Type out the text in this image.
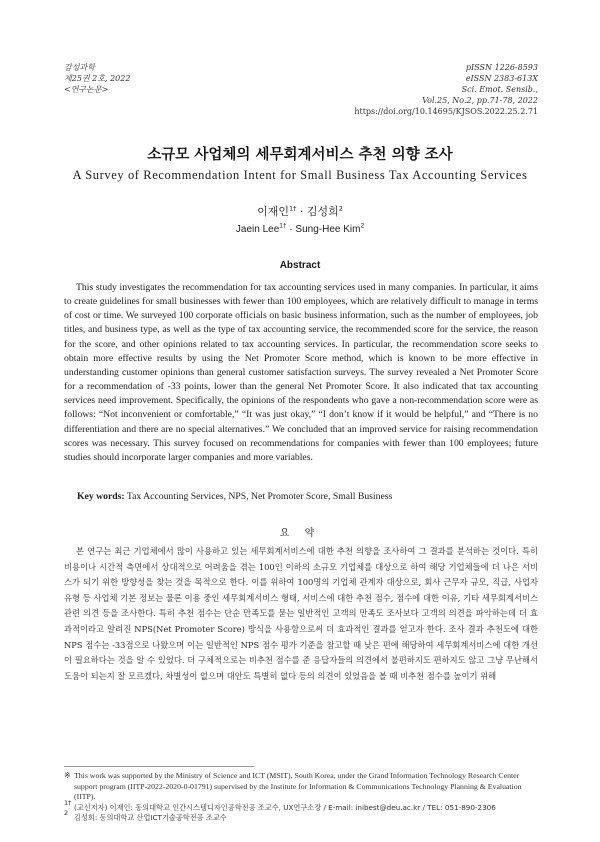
감성과학
제25권 2호, 2022
<연구논문>
pISSN 1226-8593
eISSN 2383-613X
Sci. Emot. Sensib.,
Vol.25, No.2, pp.71-78, 2022
https://doi.org/10.14695/KJSOS.2022.25.2.71
소규모 사업체의 세무회계서비스 추천 의향 조사
A Survey of Recommendation Intent for Small Business Tax Accounting Services
이재인$^{1\dagger}$ · 김성희$^2$
Jaein Lee$^{1\dagger}$ · Sung-Hee Kim$^2$
Abstract
This study investigates the recommendation for tax accounting services used in many companies. In particular, it aims to create guidelines for small businesses with fewer than 100 employees, which are relatively difficult to manage in terms of cost or time. We surveyed 100 corporate officials on basic business information, such as the number of employees, job titles, and business type, as well as the type of tax accounting service, the recommended score for the service, the reason for the score, and other opinions related to tax accounting services. In particular, the recommendation score seeks to obtain more effective results by using the Net Promoter Score method, which is known to be more effective in understanding customer opinions than general customer satisfaction surveys. The survey revealed a Net Promoter Score for a recommendation of -33 points, lower than the general Net Promoter Score. It also indicated that tax accounting services need improvement. Specifically, the opinions of the respondents who gave a non-recommendation score were as follows: “Not inconvenient or comfortable,” “It was just okay,” “I don’t know if it would be helpful,” and “There is no differentiation and there are no special alternatives.” We concluded that an improved service for raising recommendation scores was necessary. This survey focused on recommendations for companies with fewer than 100 employees; future studies should incorporate larger companies and more variables.
Key words: Tax Accounting Services, NPS, Net Promoter Score, Small Business
요 약
본 연구는 최근 기업체에서 많이 사용하고 있는 세무회계서비스에 대한 추천 의향을 조사하여 그 결과를 분석하는 것이다. 특히 비용이나 시간적 측면에서 상대적으로 어려움을 겪는 100인 이하의 소규모 기업체를 대상으로 하여 해당 기업체들에 더 나은 서비스가 되기 위한 방향성을 찾는 것을 목적으로 한다. 이를 위하여 100명의 기업체 관계자 대상으로, 회사 근무자 규모, 직급, 사업자 유형 등 사업체 기본 정보는 물론 이용 중인 세무회계서비스 형태, 서비스에 대한 추천 점수, 점수에 대한 이유, 기타 세무회계서비스 관련 의견 등을 조사한다. 특히 추천 점수는 단순 만족도를 묻는 일반적인 고객의 만족도 조사보다 고객의 의견을 파악하는데 더 효과적이라고 알려진 NPS(Net Promoter Score) 방식을 사용함으로써 더 효과적인 결과를 얻고자 한다. 조사 결과 추천도에 대한 NPS 점수는 -33점으로 나왔으며 이는 일반적인 NPS 점수 평가 기준을 참고할 때 낮은 편에 해당하여 세무회계서비스에 대한 개선이 필요하다는 것을 알 수 있었다. 더 구체적으로는 비추천 점수를 준 응답자들의 의견에서 불편하지도 편하지도 않고 그냥 무난해서 도움이 되는지 잘 모르겠다, 차별성이 없으며 대안도 특별히 없다 등의 의견이 있었음을 볼 때 비추천 점수를 높이기 위해
※ This work was supported by the Ministry of Science and ICT (MSIT), South Korea, under the Grand Information Technology Research Center support program (IITP-2022-2020-0-01791) supervised by the Institute for Information & Communications Technology Planning & Evaluation (IITP).
1† (교신저자) 이재인: 동의대학교 인간시스템디자인공학전공 조교수, UX연구소장 / E-mail: inibest@deu.ac.kr / TEL: 051-890-2306
2 김성희: 동의대학교 산업ICT기술공학전공 조교수
